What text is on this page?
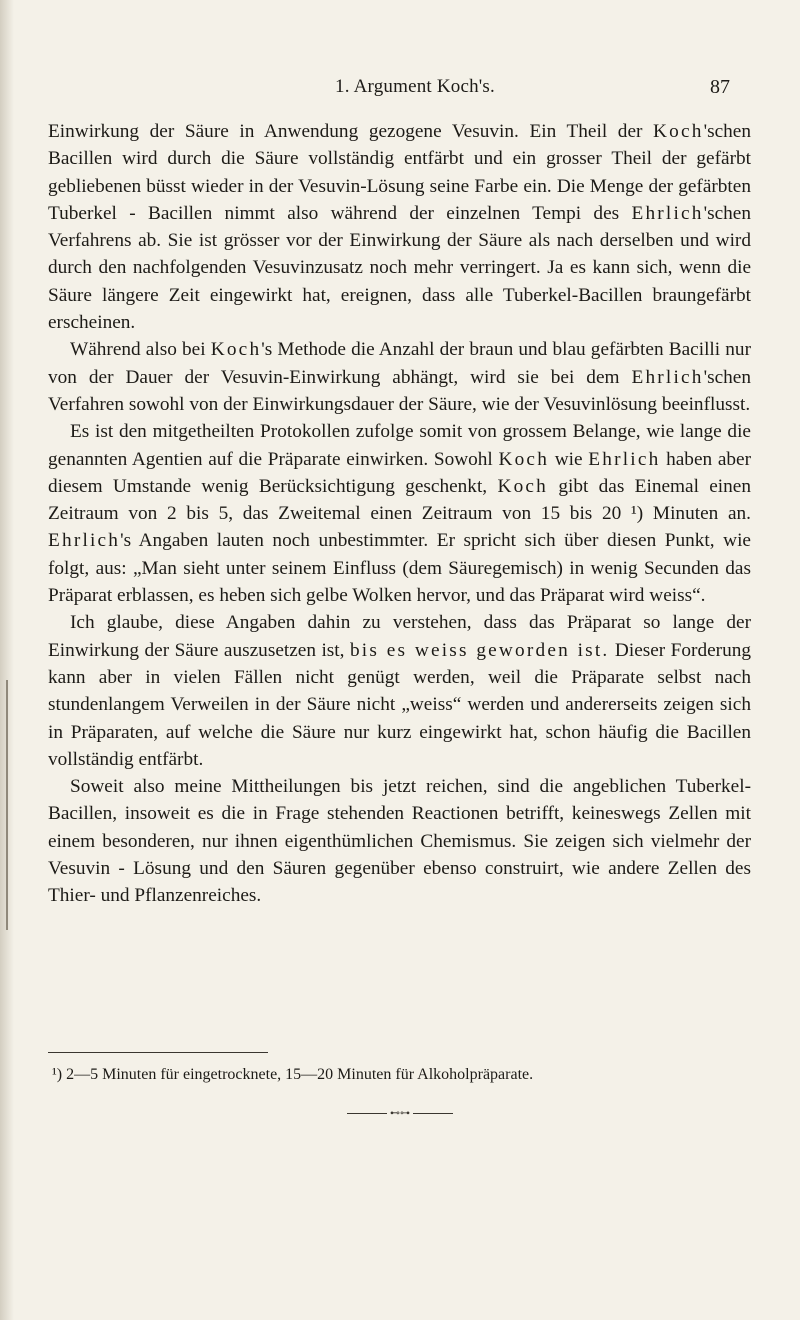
1. Argument Koch's.	87

Einwirkung der Säure in Anwendung gezogene Vesuvin. Ein Theil der Koch'schen Bacillen wird durch die Säure vollständig entfärbt und ein grosser Theil der gefärbt gebliebenen büsst wieder in der Vesuvin-Lösung seine Farbe ein. Die Menge der gefärbten Tuberkel - Bacillen nimmt also während der einzelnen Tempi des Ehrlich'schen Verfahrens ab. Sie ist grösser vor der Einwirkung der Säure als nach derselben und wird durch den nachfolgenden Vesuvinzusatz noch mehr verringert. Ja es kann sich, wenn die Säure längere Zeit eingewirkt hat, ereignen, dass alle Tuberkel-Bacillen braungefärbt erscheinen.

Während also bei Koch's Methode die Anzahl der braun und blau gefärbten Bacilli nur von der Dauer der Vesuvin-Einwirkung abhängt, wird sie bei dem Ehrlich'schen Verfahren sowohl von der Einwirkungsdauer der Säure, wie der Vesuvinlösung beeinflusst.

Es ist den mitgetheilten Protokollen zufolge somit von grossem Belange, wie lange die genannten Agentien auf die Präparate einwirken. Sowohl Koch wie Ehrlich haben aber diesem Umstande wenig Berücksichtigung geschenkt, Koch gibt das Einemal einen Zeitraum von 2 bis 5, das Zweitemal einen Zeitraum von 15 bis 20 ¹) Minuten an. Ehrlich's Angaben lauten noch unbestimmter. Er spricht sich über diesen Punkt, wie folgt, aus: „Man sieht unter seinem Einfluss (dem Säuregemisch) in wenig Secunden das Präparat erblassen, es heben sich gelbe Wolken hervor, und das Präparat wird weiss“.

Ich glaube, diese Angaben dahin zu verstehen, dass das Präparat so lange der Einwirkung der Säure auszusetzen ist, bis es weiss geworden ist. Dieser Forderung kann aber in vielen Fällen nicht genügt werden, weil die Präparate selbst nach stundenlangem Verweilen in der Säure nicht „weiss“ werden und andererseits zeigen sich in Präparaten, auf welche die Säure nur kurz eingewirkt hat, schon häufig die Bacillen vollständig entfärbt.

Soweit also meine Mittheilungen bis jetzt reichen, sind die angeblichen Tuberkel-Bacillen, insoweit es die in Frage stehenden Reactionen betrifft, keineswegs Zellen mit einem besonderen, nur ihnen eigenthümlichen Chemismus. Sie zeigen sich vielmehr der Vesuvin - Lösung und den Säuren gegenüber ebenso construirt, wie andere Zellen des Thier- und Pflanzenreiches.

¹) 2—5 Minuten für eingetrocknete, 15—20 Minuten für Alkoholpräparate.
⊷⊶
